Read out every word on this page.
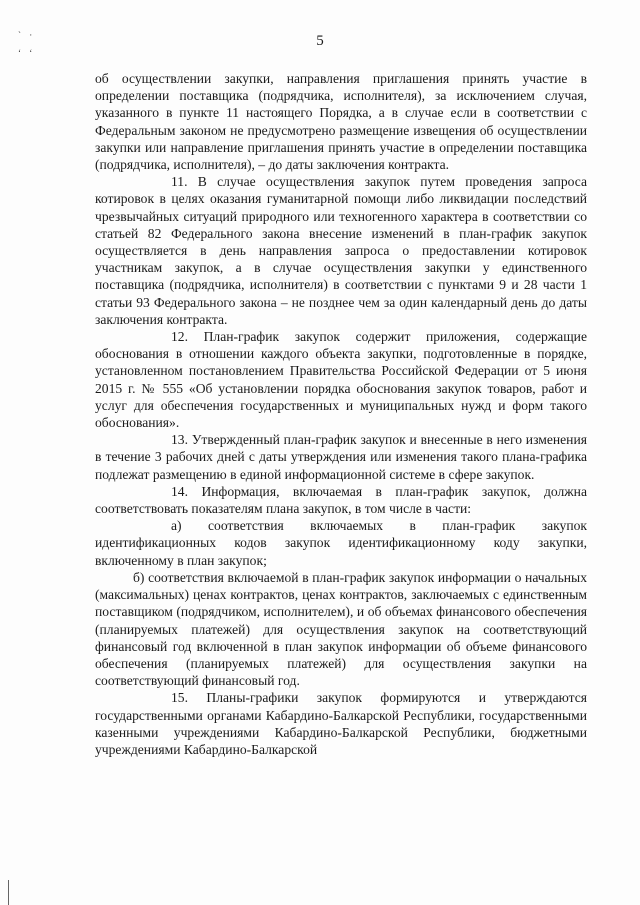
` ·
‘ ‘
5

об осуществлении закупки, направления приглашения принять участие в определении поставщика (подрядчика, исполнителя), за исключением случая, указанного в пункте 11 настоящего Порядка, а в случае если в соответствии с Федеральным законом не предусмотрено размещение извещения об осуществлении закупки или направление приглашения принять участие в определении поставщика (подрядчика, исполнителя), – до даты заключения контракта.

11. В случае осуществления закупок путем проведения запроса котировок в целях оказания гуманитарной помощи либо ликвидации последствий чрезвычайных ситуаций природного или техногенного характера в соответствии со статьей 82 Федерального закона внесение изменений в план-график закупок осуществляется в день направления запроса о предоставлении котировок участникам закупок, а в случае осуществления закупки у единственного поставщика (подрядчика, исполнителя) в соответствии с пунктами 9 и 28 части 1 статьи 93 Федерального закона – не позднее чем за один календарный день до даты заключения контракта.

12. План-график закупок содержит приложения, содержащие обоснования в отношении каждого объекта закупки, подготовленные в порядке, установленном постановлением Правительства Российской Федерации от 5 июня 2015 г. № 555 «Об установлении порядка обоснования закупок товаров, работ и услуг для обеспечения государственных и муниципальных нужд и форм такого обоснования».

13. Утвержденный план-график закупок и внесенные в него изменения в течение 3 рабочих дней с даты утверждения или изменения такого плана-графика подлежат размещению в единой информационной системе в сфере закупок.

14. Информация, включаемая в план-график закупок, должна соответствовать показателям плана закупок, в том числе в части:

а) соответствия включаемых в план-график закупок идентификационных кодов закупок идентификационному коду закупки, включенному в план закупок;

б) соответствия включаемой в план-график закупок информации о начальных (максимальных) ценах контрактов, ценах контрактов, заключаемых с единственным поставщиком (подрядчиком, исполнителем), и об объемах финансового обеспечения (планируемых платежей) для осуществления закупок на соответствующий финансовый год включенной в план закупок информации об объеме финансового обеспечения (планируемых платежей) для осуществления закупки на соответствующий финансовый год.

15. Планы-графики закупок формируются и утверждаются государственными органами Кабардино-Балкарской Республики, государственными казенными учреждениями Кабардино-Балкарской Республики, бюджетными учреждениями Кабардино-Балкарской
